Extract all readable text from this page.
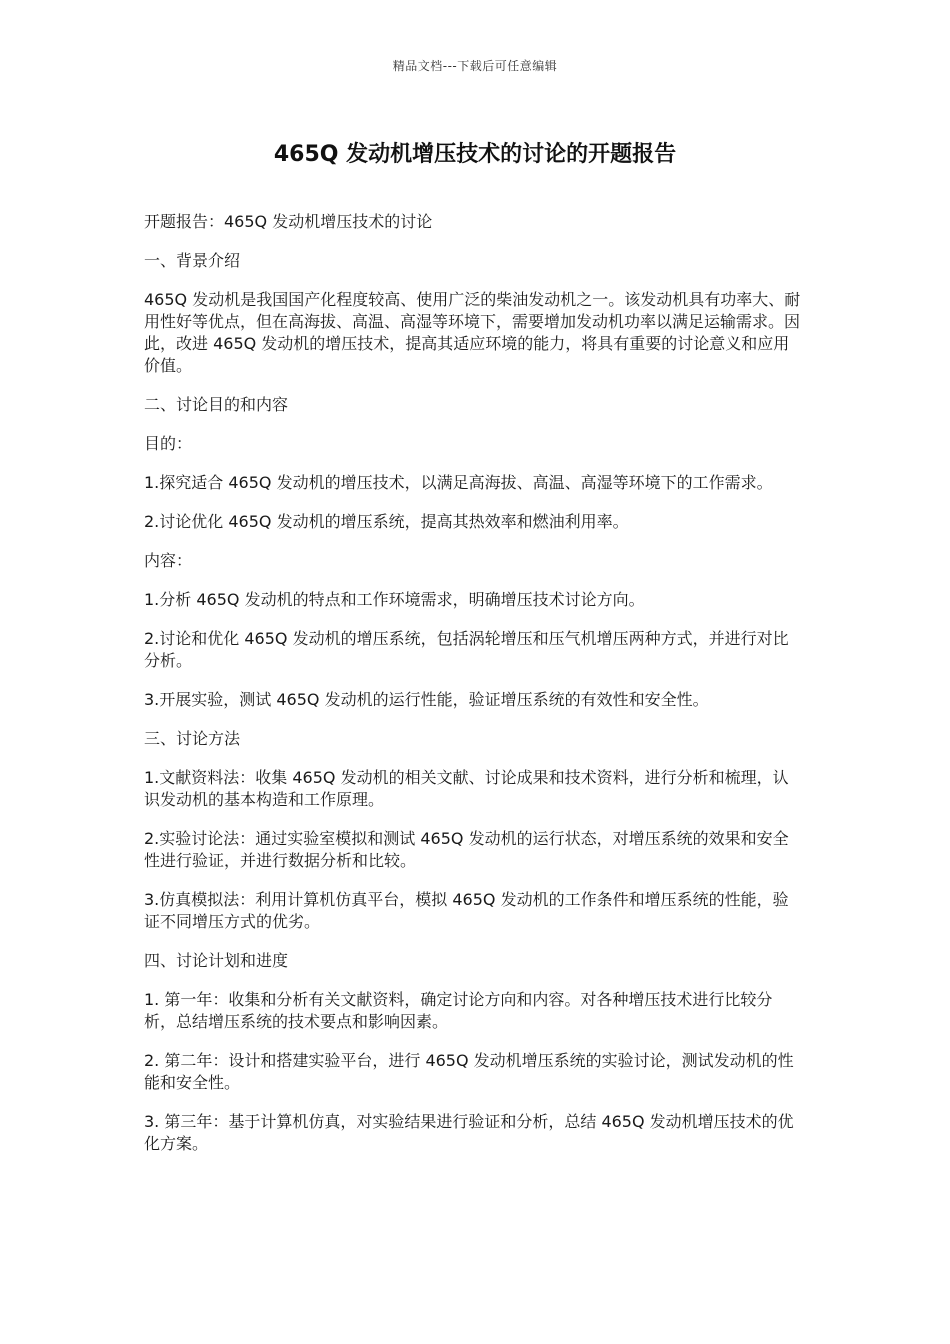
精品文档---下载后可任意编辑
465Q 发动机增压技术的讨论的开题报告

开题报告：465Q 发动机增压技术的讨论

一、背景介绍

465Q 发动机是我国国产化程度较高、使用广泛的柴油发动机之一。该发动机具有功率大、耐用性好等优点，但在高海拔、高温、高湿等环境下，需要增加发动机功率以满足运输需求。因此，改进 465Q 发动机的增压技术，提高其适应环境的能力，将具有重要的讨论意义和应用价值。

二、讨论目的和内容

目的：

1.探究适合 465Q 发动机的增压技术，以满足高海拔、高温、高湿等环境下的工作需求。

2.讨论优化 465Q 发动机的增压系统，提高其热效率和燃油利用率。

内容：

1.分析 465Q 发动机的特点和工作环境需求，明确增压技术讨论方向。

2.讨论和优化 465Q 发动机的增压系统，包括涡轮增压和压气机增压两种方式，并进行对比分析。

3.开展实验，测试 465Q 发动机的运行性能，验证增压系统的有效性和安全性。

三、讨论方法

1.文献资料法：收集 465Q 发动机的相关文献、讨论成果和技术资料，进行分析和梳理，认识发动机的基本构造和工作原理。

2.实验讨论法：通过实验室模拟和测试 465Q 发动机的运行状态，对增压系统的效果和安全性进行验证，并进行数据分析和比较。

3.仿真模拟法：利用计算机仿真平台，模拟 465Q 发动机的工作条件和增压系统的性能，验证不同增压方式的优劣。

四、讨论计划和进度

1. 第一年：收集和分析有关文献资料，确定讨论方向和内容。对各种增压技术进行比较分析，总结增压系统的技术要点和影响因素。

2. 第二年：设计和搭建实验平台，进行 465Q 发动机增压系统的实验讨论，测试发动机的性能和安全性。

3. 第三年：基于计算机仿真，对实验结果进行验证和分析，总结 465Q 发动机增压技术的优化方案。
